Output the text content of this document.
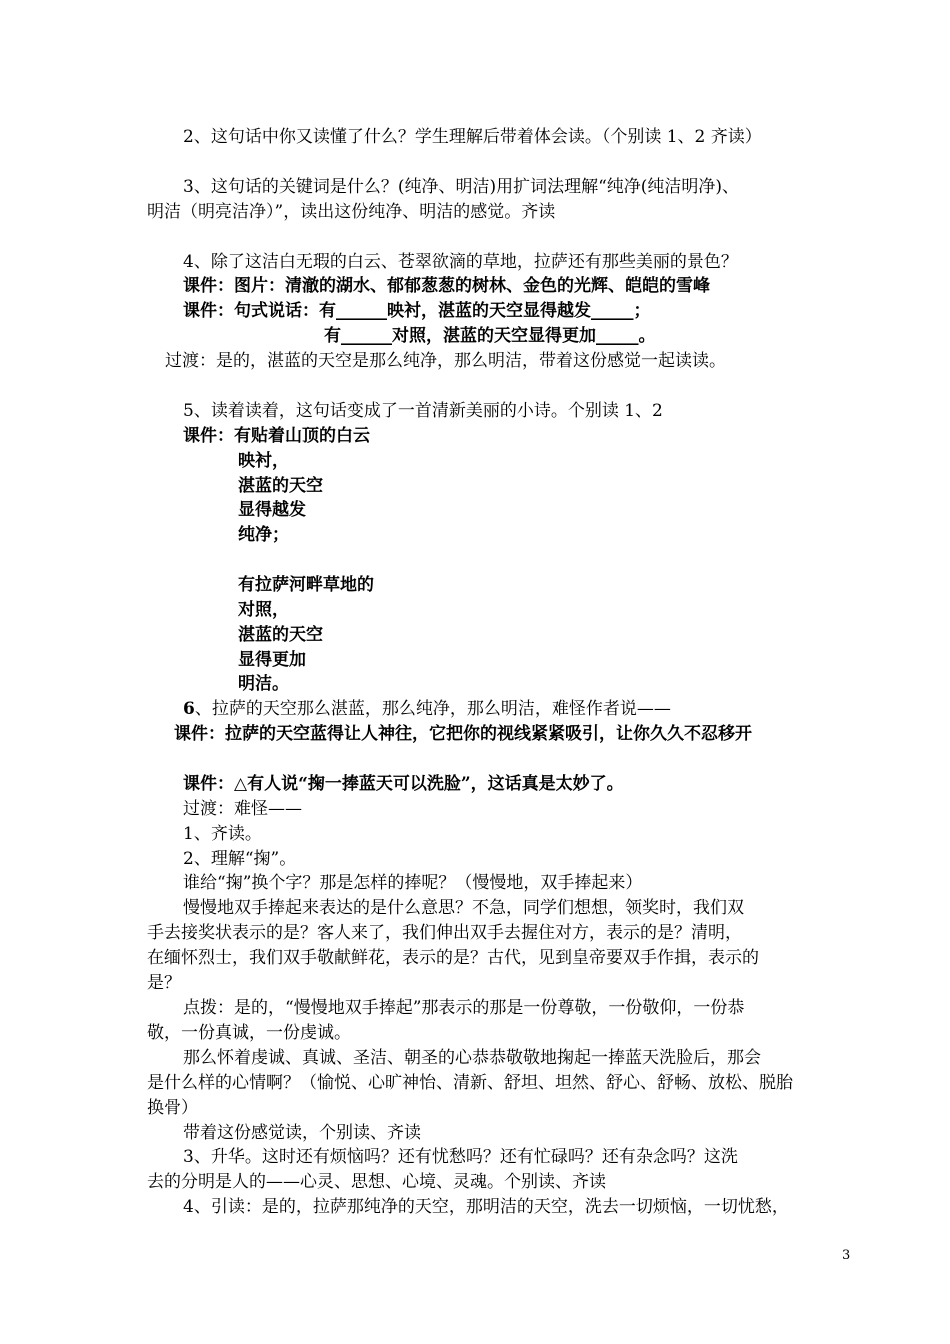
2、这句话中你又读懂了什么？学生理解后带着体会读。（个别读 1、2 齐读）
3、这句话的关键词是什么？(纯净、明洁)用扩词法理解“纯净(纯洁明净)、
明洁（明亮洁净）”，读出这份纯净、明洁的感觉。齐读
4、除了这洁白无瑕的白云、苍翠欲滴的草地，拉萨还有那些美丽的景色？
课件：图片：清澈的湖水、郁郁葱葱的树林、金色的光辉、皑皑的雪峰
课件：句式说话：有______映衬，湛蓝的天空显得越发_____；
有______对照，湛蓝的天空显得更加_____。
过渡：是的，湛蓝的天空是那么纯净，那么明洁，带着这份感觉一起读读。
5、读着读着，这句话变成了一首清新美丽的小诗。个别读 1、2
课件：有贴着山顶的白云
映衬，
湛蓝的天空
显得越发
纯净；
有拉萨河畔草地的
对照，
湛蓝的天空
显得更加
明洁。
6、拉萨的天空那么湛蓝，那么纯净，那么明洁，难怪作者说——
课件：拉萨的天空蓝得让人神往，它把你的视线紧紧吸引，让你久久不忍移开
课件：△有人说“掬一捧蓝天可以洗脸”，这话真是太妙了。
过渡：难怪——
1、齐读。
2、理解“掬”。
谁给“掬”换个字？那是怎样的捧呢？（慢慢地，双手捧起来）
慢慢地双手捧起来表达的是什么意思？不急，同学们想想，领奖时，我们双
手去接奖状表示的是？客人来了，我们伸出双手去握住对方，表示的是？清明，
在缅怀烈士，我们双手敬献鲜花，表示的是？古代，见到皇帝要双手作揖，表示的
是？
点拨：是的，“慢慢地双手捧起”那表示的那是一份尊敬，一份敬仰，一份恭
敬，一份真诚，一份虔诚。
那么怀着虔诚、真诚、圣洁、朝圣的心恭恭敬敬地掬起一捧蓝天洗脸后，那会
是什么样的心情啊？（愉悦、心旷神怡、清新、舒坦、坦然、舒心、舒畅、放松、脱胎
换骨）
带着这份感觉读，个别读、齐读
3、升华。这时还有烦恼吗？还有忧愁吗？还有忙碌吗？还有杂念吗？这洗
去的分明是人的——心灵、思想、心境、灵魂。个别读、齐读
4、引读：是的，拉萨那纯净的天空，那明洁的天空，洗去一切烦恼，一切忧愁，
3
